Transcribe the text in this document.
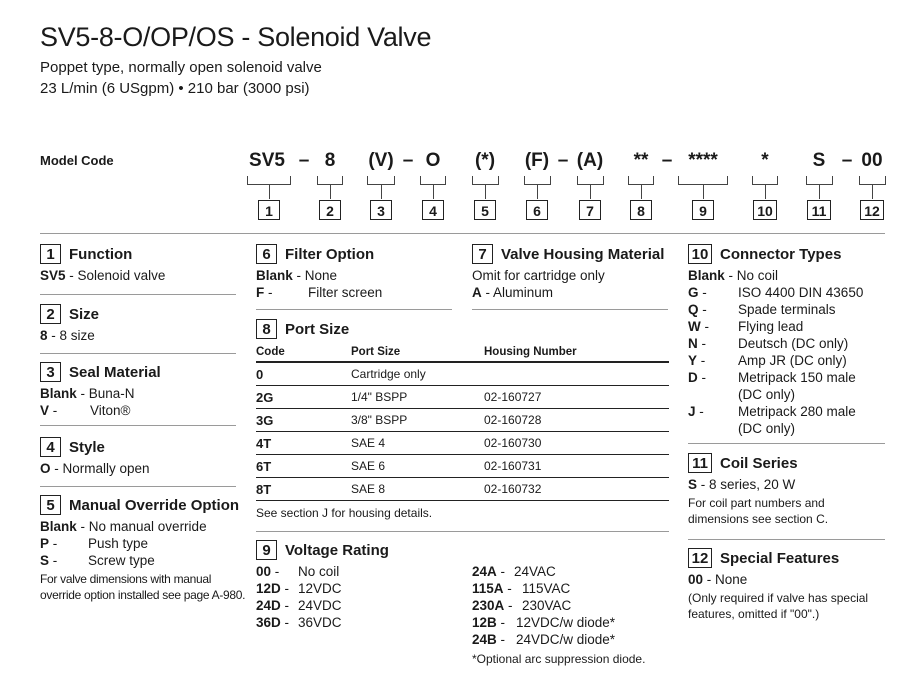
SV5-8-O/OP/OS - Solenoid Valve
Poppet type, normally open solenoid valve
23 L/min (6 USgpm) • 210 bar (3000 psi)
Model Code	SV5 – 8	(V) – O	(*)	(F) – (A)	** – ****	*	S – 00
1	2	3	4	5	6	7	8	9	10	11	12
1 Function
SV5 - Solenoid valve
2 Size
8 - 8 size
3 Seal Material
Blank - Buna-N
V -	Viton®
4 Style
O - Normally open
5 Manual Override Option
Blank - No manual override
P -	Push type
S -	Screw type
For valve dimensions with manual
override option installed see page A-980.
6 Filter Option
Blank - None
F -	Filter screen
8 Port Size
Code	Port Size	Housing Number
0	Cartridge only	
2G	1/4" BSPP	02-160727
3G	3/8" BSPP	02-160728
4T	SAE 4	02-160730
6T	SAE 6	02-160731
8T	SAE 8	02-160732
See section J for housing details.
9 Voltage Rating
00 -	No coil
12D - 12VDC
24D - 24VDC
36D - 36VDC
24A - 24VAC
115A - 115VAC
230A - 230VAC
12B - 12VDC/w diode*
24B - 24VDC/w diode*
*Optional arc suppression diode.
7 Valve Housing Material
Omit for cartridge only
A - Aluminum
10 Connector Types
Blank - No coil
G -	ISO 4400 DIN 43650
Q -	Spade terminals
W -	Flying lead
N -	Deutsch (DC only)
Y -	Amp JR (DC only)
D -	Metripack 150 male
(DC only)
J -	Metripack 280 male
(DC only)
11 Coil Series
S - 8 series, 20 W
For coil part numbers and
dimensions see section C.
12 Special Features
00 - None
(Only required if valve has special
features, omitted if "00".)
